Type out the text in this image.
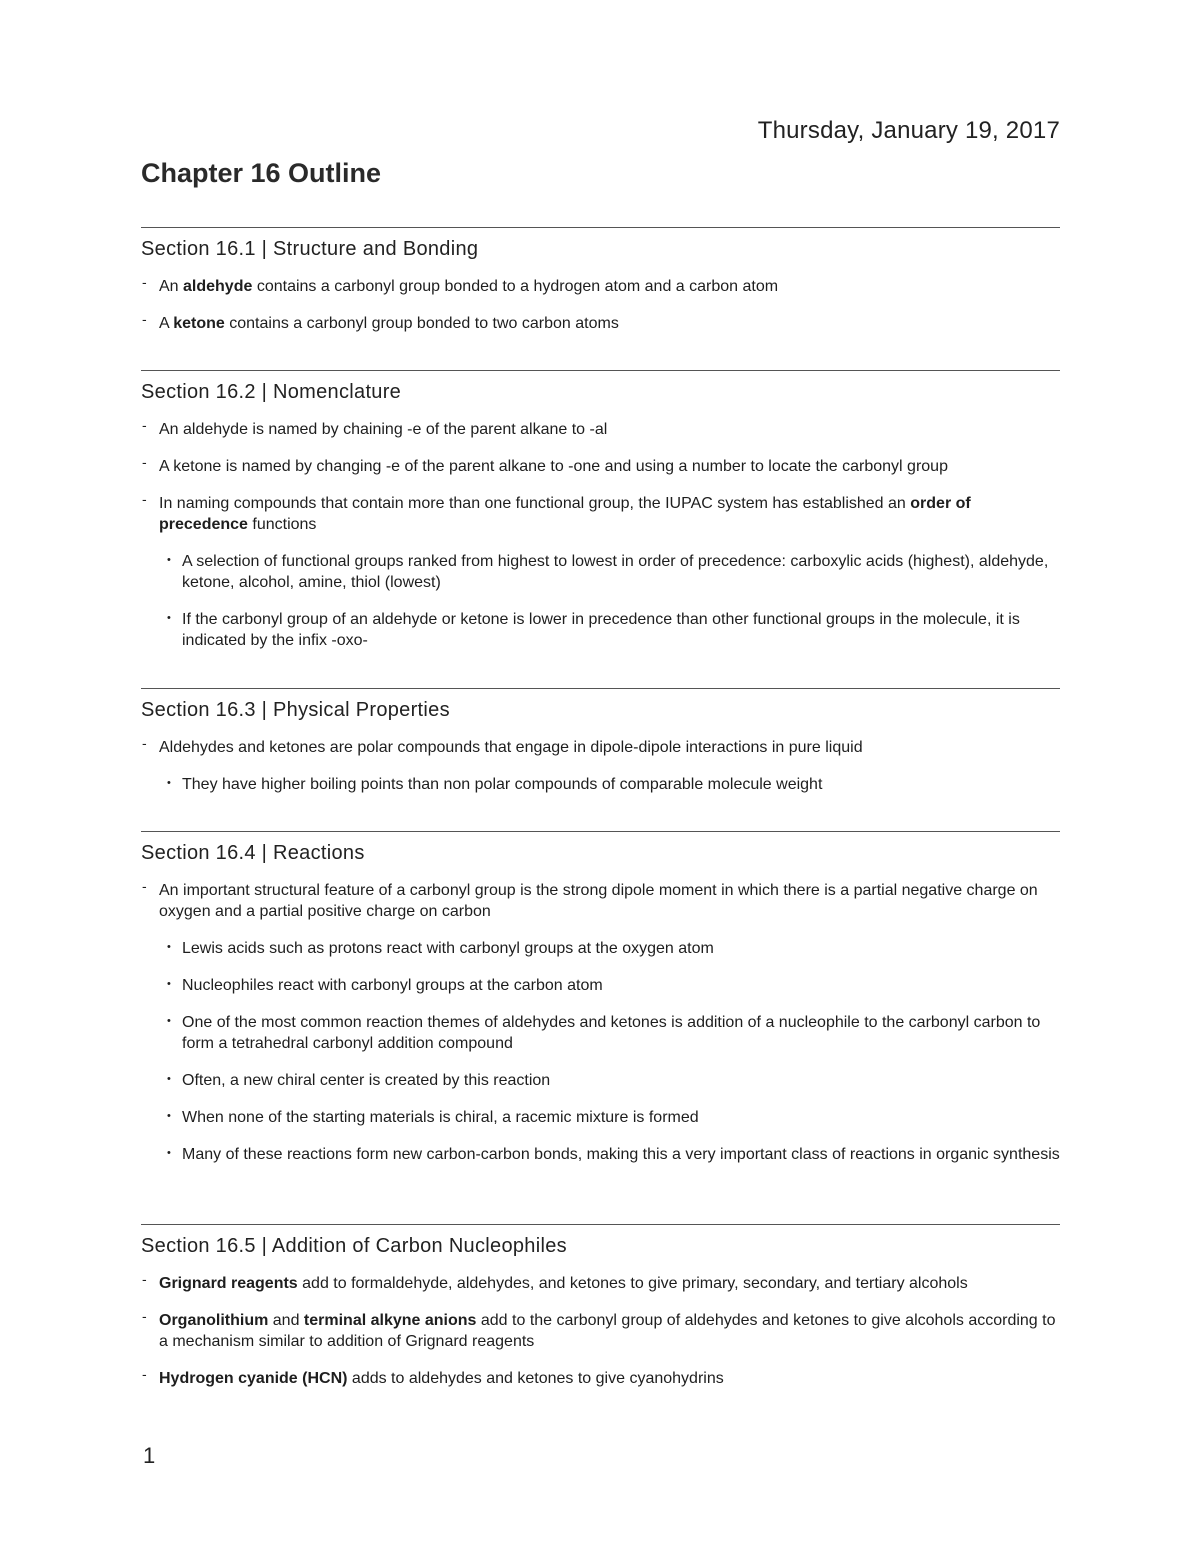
Thursday, January 19, 2017
Chapter 16 Outline
Section 16.1 | Structure and Bonding
- An aldehyde contains a carbonyl group bonded to a hydrogen atom and a carbon atom
- A ketone contains a carbonyl group bonded to two carbon atoms
Section 16.2 | Nomenclature
- An aldehyde is named by chaining -e of the parent alkane to -al
- A ketone is named by changing -e of the parent alkane to -one and using a number to locate the carbonyl group
- In naming compounds that contain more than one functional group, the IUPAC system has established an order of precedence functions
• A selection of functional groups ranked from highest to lowest in order of precedence: carboxylic acids (highest), aldehyde, ketone, alcohol, amine, thiol (lowest)
• If the carbonyl group of an aldehyde or ketone is lower in precedence than other functional groups in the molecule, it is indicated by the infix -oxo-
Section 16.3 | Physical Properties
- Aldehydes and ketones are polar compounds that engage in dipole-dipole interactions in pure liquid
• They have higher boiling points than non polar compounds of comparable molecule weight
Section 16.4 | Reactions
- An important structural feature of a carbonyl group is the strong dipole moment in which there is a partial negative charge on oxygen and a partial positive charge on carbon
• Lewis acids such as protons react with carbonyl groups at the oxygen atom
• Nucleophiles react with carbonyl groups at the carbon atom
• One of the most common reaction themes of aldehydes and ketones is addition of a nucleophile to the carbonyl carbon to form a tetrahedral carbonyl addition compound
• Often, a new chiral center is created by this reaction
• When none of the starting materials is chiral, a racemic mixture is formed
• Many of these reactions form new carbon-carbon bonds, making this a very important class of reactions in organic synthesis
Section 16.5 | Addition of Carbon Nucleophiles
- Grignard reagents add to formaldehyde, aldehydes, and ketones to give primary, secondary, and tertiary alcohols
- Organolithium and terminal alkyne anions add to the carbonyl group of aldehydes and ketones to give alcohols according to a mechanism similar to addition of Grignard reagents
- Hydrogen cyanide (HCN) adds to aldehydes and ketones to give cyanohydrins
1
